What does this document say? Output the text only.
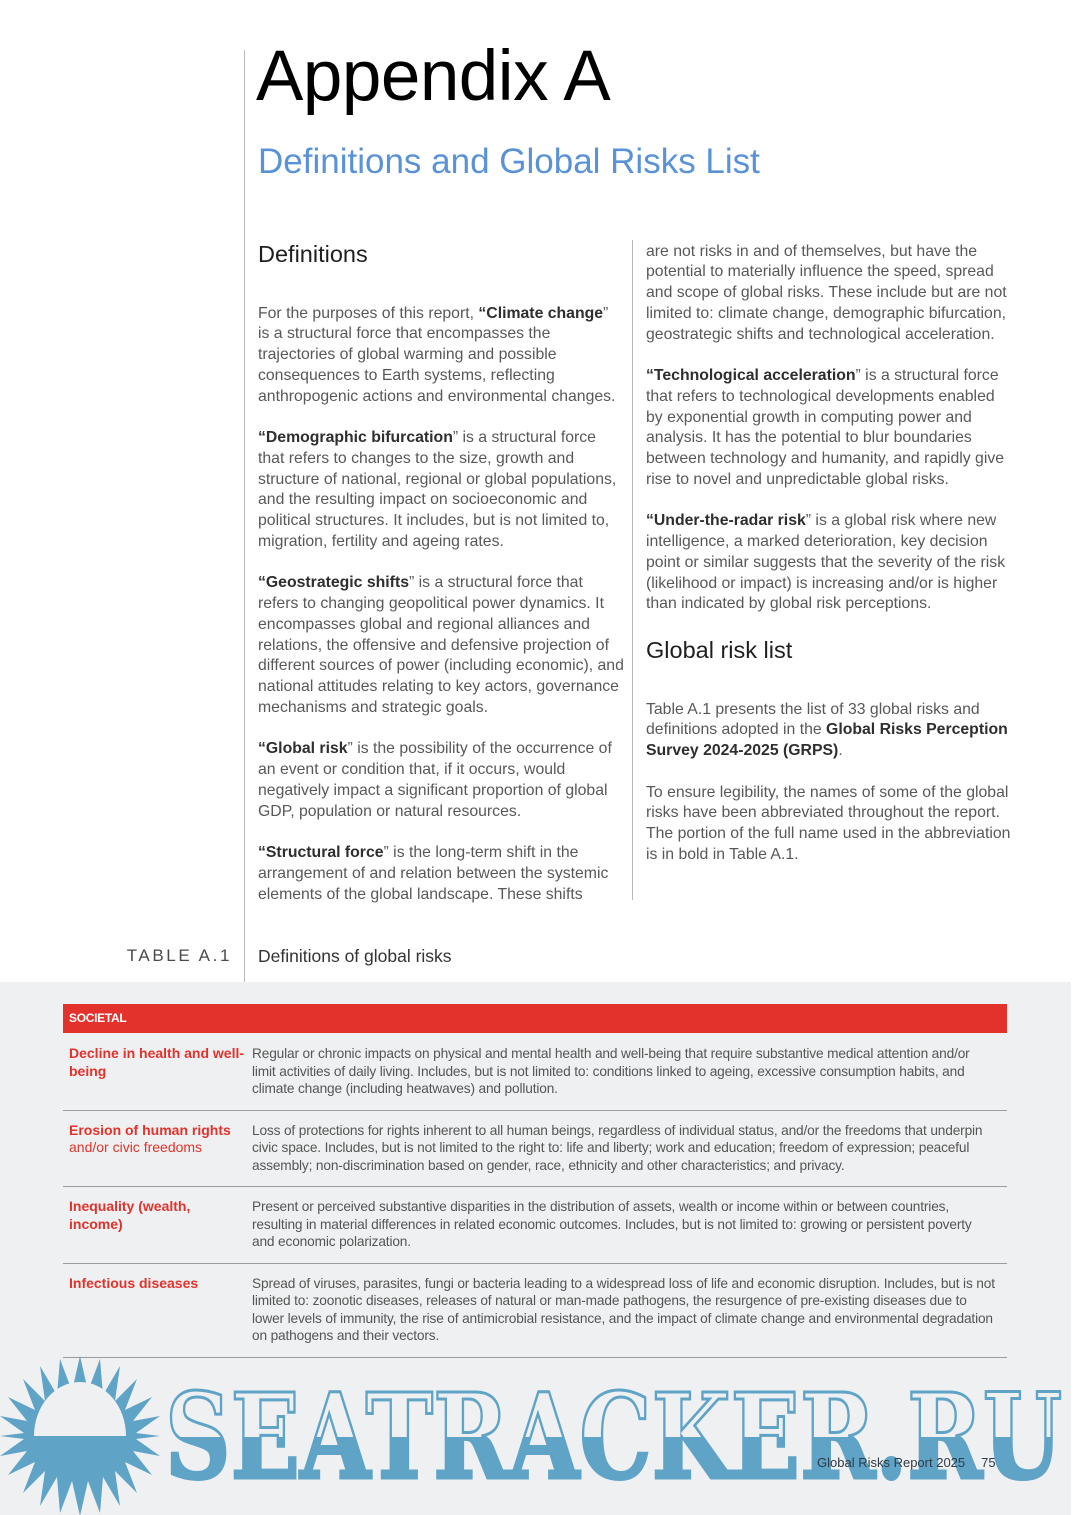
Appendix A
Definitions and Global Risks List
Definitions

For the purposes of this report, “Climate change” is a structural force that encompasses the trajectories of global warming and possible consequences to Earth systems, reflecting anthropogenic actions and environmental changes.

“Demographic bifurcation” is a structural force that refers to changes to the size, growth and structure of national, regional or global populations, and the resulting impact on socioeconomic and political structures. It includes, but is not limited to, migration, fertility and ageing rates.

“Geostrategic shifts” is a structural force that refers to changing geopolitical power dynamics. It encompasses global and regional alliances and relations, the offensive and defensive projection of different sources of power (including economic), and national attitudes relating to key actors, governance mechanisms and strategic goals.

“Global risk” is the possibility of the occurrence of an event or condition that, if it occurs, would negatively impact a significant proportion of global GDP, population or natural resources.

“Structural force” is the long-term shift in the arrangement of and relation between the systemic elements of the global landscape. These shifts

are not risks in and of themselves, but have the potential to materially influence the speed, spread and scope of global risks. These include but are not limited to: climate change, demographic bifurcation, geostrategic shifts and technological acceleration.

“Technological acceleration” is a structural force that refers to technological developments enabled by exponential growth in computing power and analysis. It has the potential to blur boundaries between technology and humanity, and rapidly give rise to novel and unpredictable global risks.

“Under-the-radar risk” is a global risk where new intelligence, a marked deterioration, key decision point or similar suggests that the severity of the risk (likelihood or impact) is increasing and/or is higher than indicated by global risk perceptions.

Global risk list

Table A.1 presents the list of 33 global risks and definitions adopted in the Global Risks Perception Survey 2024-2025 (GRPS).

To ensure legibility, the names of some of the global risks have been abbreviated throughout the report. The portion of the full name used in the abbreviation is in bold in Table A.1.

TABLE A.1 Definitions of global risks
SOCIETAL
Decline in health and well-being
Regular or chronic impacts on physical and mental health and well-being that require substantive medical attention and/or limit activities of daily living. Includes, but is not limited to: conditions linked to ageing, excessive consumption habits, and climate change (including heatwaves) and pollution.
Erosion of human rights
and/or civic freedoms
Loss of protections for rights inherent to all human beings, regardless of individual status, and/or the freedoms that underpin civic space. Includes, but is not limited to the right to: life and liberty; work and education; freedom of expression; peaceful assembly; non-discrimination based on gender, race, ethnicity and other characteristics; and privacy.
Inequality (wealth, income)
Present or perceived substantive disparities in the distribution of assets, wealth or income within or between countries, resulting in material differences in related economic outcomes. Includes, but is not limited to: growing or persistent poverty and economic polarization.
Infectious diseases	Spread of viruses, parasites, fungi or bacteria leading to a widespread loss of life and economic disruption. Includes, but is not limited to: zoonotic diseases, releases of natural or man-made pathogens, the resurgence of pre-existing diseases due to lower levels of immunity, the rise of antimicrobial resistance, and the impact of climate change and environmental degradation on pathogens and their vectors.
SEATRACKER.RU
Global Risks Report 2025 75
